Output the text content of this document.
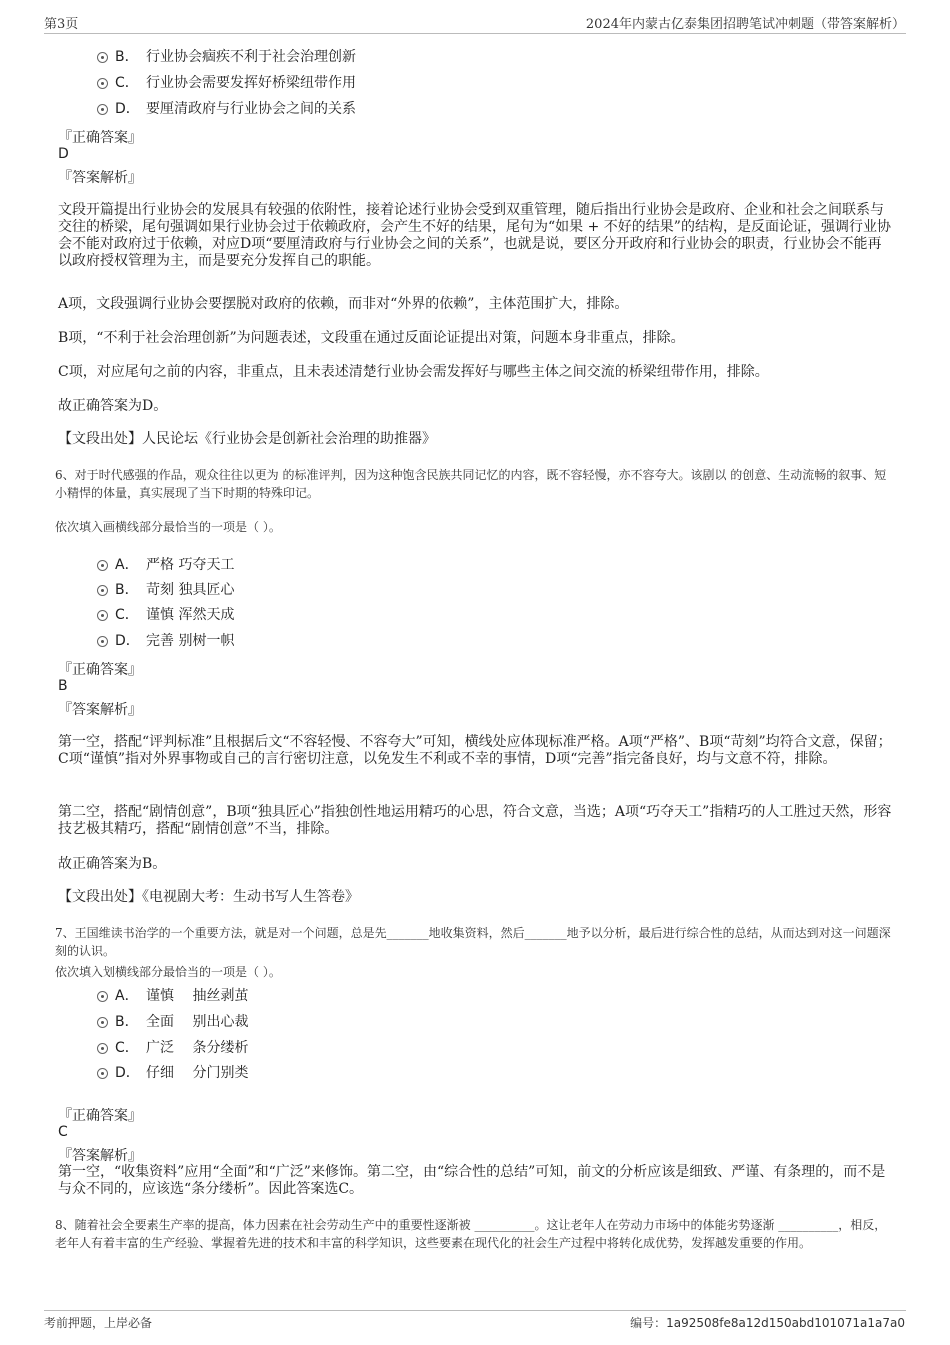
第3页	2024年内蒙古亿泰集团招聘笔试冲刺题（带答案解析）
B． 行业协会痼疾不利于社会治理创新
C． 行业协会需要发挥好桥梁纽带作用
D． 要厘清政府与行业协会之间的关系
『正确答案』
D
『答案解析』
文段开篇提出行业协会的发展具有较强的依附性，接着论述行业协会受到双重管理，随后指出行业协会是政府、企业和社会之间联系与交往的桥梁，尾句强调如果行业协会过于依赖政府，会产生不好的结果，尾句为“如果 + 不好的结果”的结构，是反面论证，强调行业协会不能对政府过于依赖，对应D项“要厘清政府与行业协会之间的关系”，也就是说，要区分开政府和行业协会的职责，行业协会不能再以政府授权管理为主，而是要充分发挥自己的职能。
A项，文段强调行业协会要摆脱对政府的依赖，而非对“外界的依赖”，主体范围扩大，排除。
B项，“不利于社会治理创新”为问题表述，文段重在通过反面论证提出对策，问题本身非重点，排除。
C项，对应尾句之前的内容，非重点，且未表述清楚行业协会需发挥好与哪些主体之间交流的桥梁纽带作用，排除。
故正确答案为D。
【文段出处】人民论坛《行业协会是创新社会治理的助推器》
6、对于时代感强的作品，观众往往以更为 的标准评判，因为这种饱含民族共同记忆的内容，既不容轻慢，亦不容夸大。该剧以 的创意、生动流畅的叙事、短小精悍的体量，真实展现了当下时期的特殊印记。
依次填入画横线部分最恰当的一项是（ ）。
A． 严格 巧夺天工
B． 苛刻 独具匠心
C． 谨慎 浑然天成
D． 完善 别树一帜
『正确答案』
B
『答案解析』
第一空，搭配“评判标准”且根据后文“不容轻慢、不容夸大”可知，横线处应体现标准严格。A项“严格”、B项“苛刻”均符合文意，保留；C项“谨慎”指对外界事物或自己的言行密切注意，以免发生不利或不幸的事情，D项“完善”指完备良好，均与文意不符，排除。
第二空，搭配“剧情创意”，B项“独具匠心”指独创性地运用精巧的心思，符合文意，当选；A项“巧夺天工”指精巧的人工胜过天然，形容技艺极其精巧，搭配“剧情创意”不当，排除。
故正确答案为B。
【文段出处】《电视剧大考：生动书写人生答卷》
7、王国维读书治学的一个重要方法，就是对一个问题，总是先_______地收集资料，然后_______地予以分析，最后进行综合性的总结，从而达到对这一问题深刻的认识。
依次填入划横线部分最恰当的一项是（ ）。
A． 谨慎　 抽丝剥茧
B． 全面　 别出心裁
C． 广泛　 条分缕析
D． 仔细　 分门别类
『正确答案』
C
『答案解析』
第一空，“收集资料”应用“全面”和“广泛”来修饰。第二空，由“综合性的总结”可知，前文的分析应该是细致、严谨、有条理的，而不是与众不同的，应该选“条分缕析”。因此答案选C。
8、随着社会全要素生产率的提高，体力因素在社会劳动生产中的重要性逐渐被 __________。这让老年人在劳动力市场中的体能劣势逐渐 __________，相反，老年人有着丰富的生产经验、掌握着先进的技术和丰富的科学知识，这些要素在现代化的社会生产过程中将转化成优势，发挥越发重要的作用。
考前押题，上岸必备	编号：1a92508fe8a12d150abd101071a1a7a0
